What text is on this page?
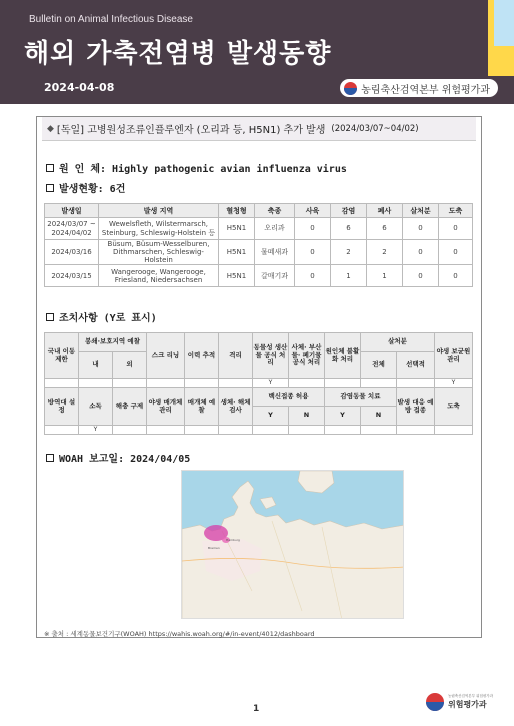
Bulletin on Animal Infectious Disease
해외 가축전염병 발생동향
2024-04-08	농림축산검역본부 위험평가과
◆ [독일] 고병원성조류인플루엔자 (오리과 등, H5N1) 추가 발생 (2024/03/07~04/02)
원 인 체: Highly pathogenic avian influenza virus
발생현황: 6건
발생일	발생 지역	혈청형	축종	사육	감염	폐사	살처분	도축
2024/03/07 ~ 2024/04/02	Wewelsfleth, Wilstermarsch, Steinburg, Schleswig-Holstein 등	H5N1	오리과	0	6	6	0	0
2024/03/16	Büsum, Büsum-Wesselburen, Dithmarschen, Schleswig-Holstein	H5N1	물떼새과	0	2	2	0	0
2024/03/15	Wangerooge, Wangerooge, Friesland, Niedersachsen	H5N1	갈매기과	0	1	1	0	0
조치사항 (Y로 표시)
국내 이동 제한	봉쇄·보호지역 예찰		스크 리닝	이력 추적	격리	동물성 생산물 공식 처리	사체· 부산물· 폐기물 공식 처리	원인체 불활화 처리	살처분		야생 보균원 관리
	내	외							전체	선택적	
						Y					Y
방역대 설정	소독	해충 구제	야생 매개체 관리	매개체 예찰	생체· 해체 검사	백신접종 허용		감염동물 치료		발생 대응 예방 접종	도축
						Y	N	Y	N		
	Y										
WOAH 보고일: 2024/04/05
Hamburg
Bremen
※ 출처 : 세계동물보건기구(WOAH) https://wahis.woah.org/#/in-event/4012/dashboard
1
농림축산검역본부 위험평가과
위험평가과
